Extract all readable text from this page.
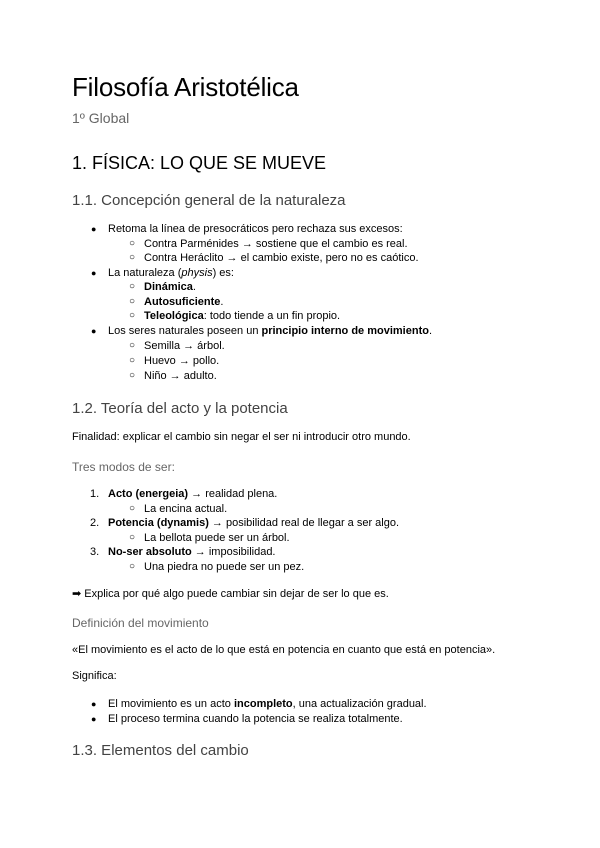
Filosofía Aristotélica
1º Global
1. FÍSICA: LO QUE SE MUEVE
1.1. Concepción general de la naturaleza
● Retoma la línea de presocráticos pero rechaza sus excesos:
○ Contra Parménides → sostiene que el cambio es real.
○ Contra Heráclito → el cambio existe, pero no es caótico.
● La naturaleza (physis) es:
○ Dinámica.
○ Autosuficiente.
○ Teleológica: todo tiende a un fin propio.
● Los seres naturales poseen un principio interno de movimiento.
○ Semilla → árbol.
○ Huevo → pollo.
○ Niño → adulto.
1.2. Teoría del acto y la potencia
Finalidad: explicar el cambio sin negar el ser ni introducir otro mundo.
Tres modos de ser:
1. Acto (energeia) → realidad plena.
○ La encina actual.
2. Potencia (dynamis) → posibilidad real de llegar a ser algo.
○ La bellota puede ser un árbol.
3. No-ser absoluto → imposibilidad.
○ Una piedra no puede ser un pez.
➡ Explica por qué algo puede cambiar sin dejar de ser lo que es.
Definición del movimiento
«El movimiento es el acto de lo que está en potencia en cuanto que está en potencia».
Significa:
● El movimiento es un acto incompleto, una actualización gradual.
● El proceso termina cuando la potencia se realiza totalmente.
1.3. Elementos del cambio
